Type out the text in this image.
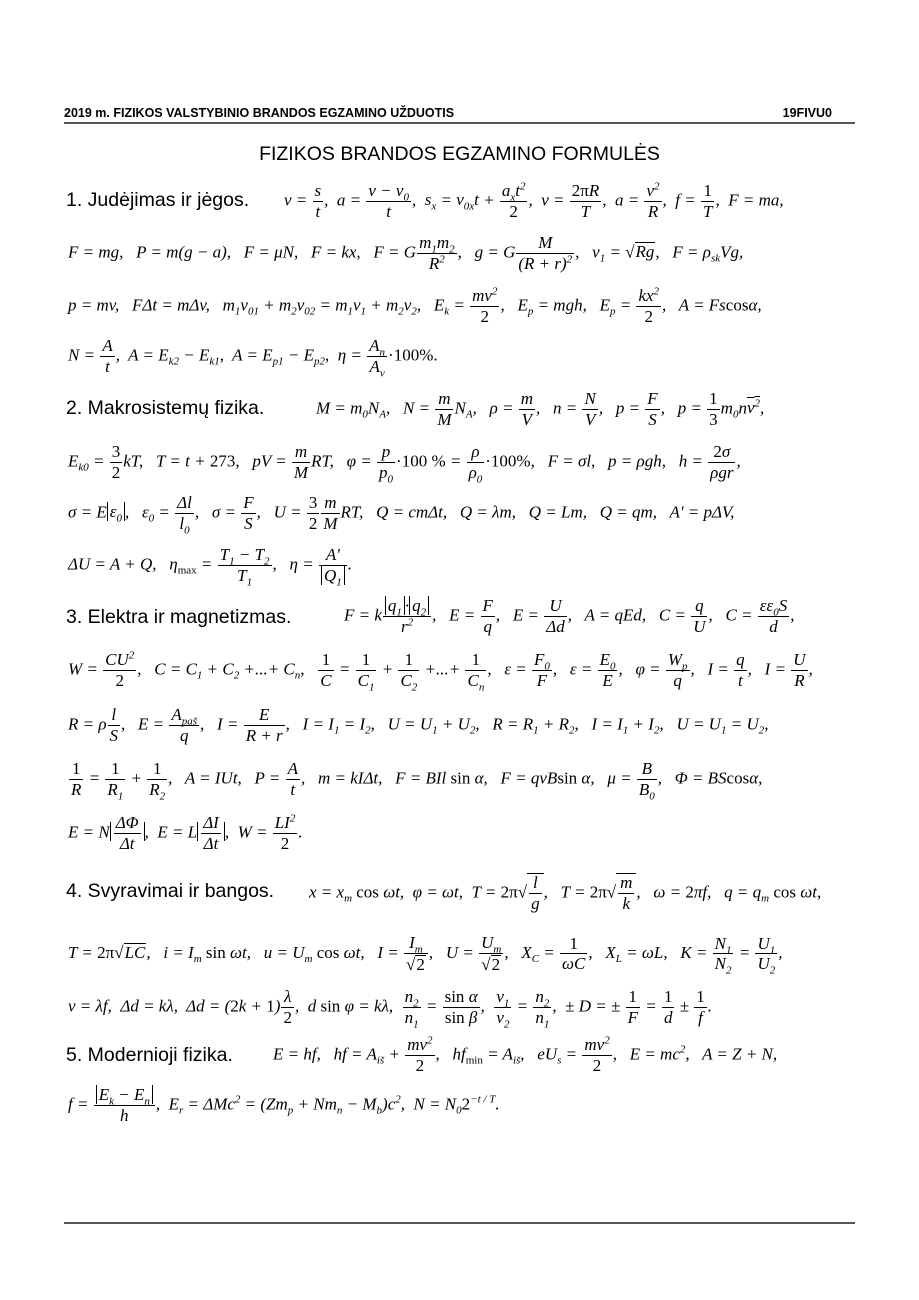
2019 m. FIZIKOS VALSTYBINIO BRANDOS EGZAMINO UŽDUOTIS	19FIVU0
FIZIKOS BRANDOS EGZAMINO FORMULĖS
1. Judėjimas ir jėgos. $v = \frac{s}{t}$ ,  $a = \frac{v - v_0}{t}$ ,  $s_x = v_{0x}t + \frac{a_xt^2}{2}$ ,  $v = \frac{2\pi R}{T}$ ,  $a = \frac{v^2}{R}$ ,  $f = \frac{1}{T}$ ,  F = ma,
F = mg,   P = m(g − a),   F = μN,   F = kx,   F = G $\frac{m_1m_2}{R^2}$ ,   g = G $\frac{M}{(R + r)^2}$ ,   $v_1 = √Rg$,   $F = \rho_{sk}Vg$,
p = mv,   FΔt = mΔv,   $m_1v_{01} + m_2v_{02} = m_1v_1 + m_2v_2$,   $E_k = \frac{mv^2}{2}$ ,   $E_p$ = mgh,   $E_p = \frac{kx^2}{2}$ ,   A = Fscosα,
$N = \frac{A}{t}$ ,  $A = E_{k2} - E_{k1}$,  $A = E_{p1} - E_{p2}$,  $\eta = \frac{A_n}{A_v} \cdot 100\%$.
2. Makrosistemų fizika.	$M = m_0N_A$,   $N = \frac{m}{M} N_A$,   $\rho = \frac{m}{V}$ ,   $n = \frac{N}{V}$ ,   $p = \frac{F}{S}$ ,   $p = \frac{1}{3} m_0nv^2$,
$E_{k0} = \frac{3}{2}$ kT,   T = t + 273,   pV = $\frac{m}{M}$ RT,   $\varphi = \frac{p}{p_0} \cdot 100$ % = $\frac{\rho}{\rho_0} \cdot 100\%$,   F = σl,   p = ρgh,   $h = \frac{2\sigma}{\text{ρgr}}$ ,
σ = E $\varepsilon_0$ ,   $\varepsilon_0 = \frac{\Delta l}{l_0}$ ,   $\sigma = \frac{F}{S}$ ,   $U = \frac{3}{2} \frac{m}{M}$ RT,   Q = cmΔt,   Q = λm,   Q = Lm,   Q = qm,   A' = pΔV,
ΔU = A + Q,   $\eta_{max} = \frac{T_1 - T_2}{T_1}$ ,   $\eta = \frac{A'}{Q_1}$ .
3. Elektra ir magnetizmas.	F = k $\frac{q_1 \cdot q_2}{r^2}$ ,   $E = \frac{F}{q}$ ,   $E = \frac{U}{\Delta d}$ ,   A = qEd,   $C = \frac{q}{U}$ ,   $C = \frac{\varepsilon\varepsilon_0S}{d}$ ,
$W = \frac{CU^2}{2}$ ,   $C = C_1 + C_2$ +...+ $C_n$, $\frac{1}{C} = \frac{1}{C_1} + \frac{1}{C_2}$ +...+ $\frac{1}{C_n}$ ,   $\varepsilon = \frac{F_0}{F}$ ,   $\varepsilon = \frac{E_0}{E}$ ,   $\varphi = \frac{W_p}{q}$ ,   $I = \frac{q}{t}$ ,   $I = \frac{U}{R}$ ,
R = ρ $\frac{l}{S}$ ,   $E = \frac{A_{paš}}{q}$ ,   $I = \frac{E}{R + r}$ ,   $I = I_1 = I_2$,   $U = U_1 + U_2$,   $R = R_1 + R_2$,   $I = I_1 + I_2$,   $U = U_1 = U_2$,
$\frac{1}{R} = \frac{1}{R_1} + \frac{1}{R_2}$ ,   A = IUt,   $P = \frac{A}{t}$ ,   m = kIΔt,   F = BIl sin α,   F = qvBsin α,   $\mu = \frac{B}{B_0}$ ,   Φ = BScosα,
E = N $\frac{\Delta\Phi}{\Delta t}$ ,  E = L $\frac{\Delta I}{\Delta t}$ ,  $W = \frac{LI^2}{2}$ .
4. Svyravimai ir bangos. $x = x_m$ cos ωt,  φ = ωt,  $T = 2\pi√ \frac{l}{g}$ ,   $T = 2\pi√ \frac{m}{k}$ ,   ω = 2πf,   $q = q_m$ cos ωt,
T = 2π√LC,   $i = I_m$ sin ωt,   $u = U_m$ cos ωt,   $I = \frac{I_m}{√2}$ ,   $U = \frac{U_m}{√2}$ ,   $X_C = \frac{1}{\omega C}$ ,   $X_L = \omega L$,   $K = \frac{N_1}{N_2} = \frac{U_1}{U_2}$ ,
v = λf,  Δd = kλ,  $\Delta d = (2k + 1) \frac{\lambda}{2}$ ,  d sin φ = kλ, $\frac{n_2}{n_1} = \frac{\text{sin α}}{\text{sin β}}$ , $\frac{v_1}{v_2} = \frac{n_2}{n_1}$ ,  ± D = ± $\frac{1}{F} = \frac{1}{d} \pm \frac{1}{f}$ .
5. Modernioji fizika. E = hf,   hf = $A_{iš} + \frac{mv^2}{2}$ ,   $hf_{min} = A_{iš}$,   $eU_s = \frac{mv^2}{2}$ ,   $E = mc^2$,   A = Z + N,
$f = \frac{E_k - E_n}{h}$ ,  $E_r = \Delta Mc^2 = (Zm_p + Nm_n - M_b)c^2$,  $N = N_02^{-t / T}$.
